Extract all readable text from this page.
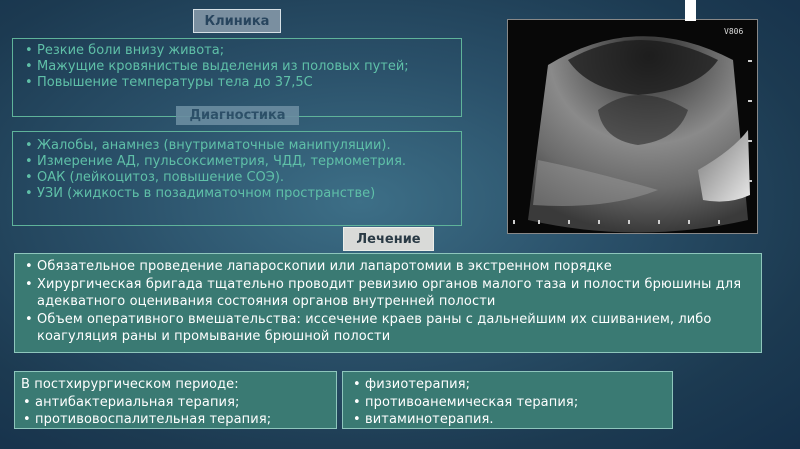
Клиника
• Резкие боли внизу живота;
• Мажущие кровянистые выделения из половых путей;
• Повышение температуры тела до 37,5С
Диагностика
• Жалобы, анамнез (внутриматочные манипуляции).
• Измерение АД, пульсоксиметрия, ЧДД, термометрия.
• ОАК (лейкоцитоз, повышение СОЭ).
• УЗИ (жидкость в позадиматочном пространстве)
V806
Лечение
• Обязательное проведение лапароскопии или лапаротомии в экстренном порядке
• Хирургическая бригада тщательно проводит ревизию органов малого таза и полости брюшины для адекватного оценивания состояния органов внутренней полости
• Объем оперативного вмешательства: иссечение краев раны с дальнейшим их сшиванием, либо коагуляция раны и промывание брюшной полости
В постхирургическом периоде:
• антибактериальная терапия;
• противовоспалительная терапия;
• физиотерапия;
• противоанемическая терапия;
• витаминотерапия.
